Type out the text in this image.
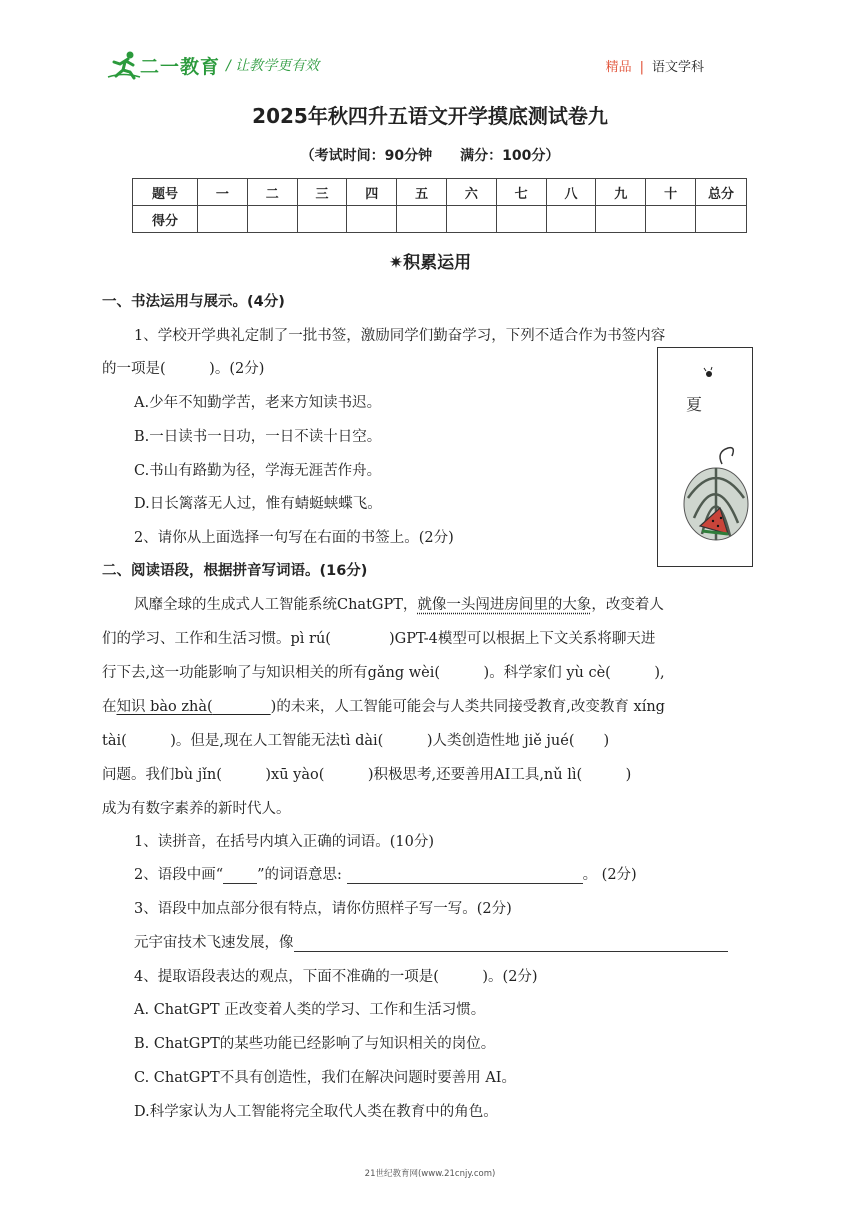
二一教育 / 让教学更有效	精品 | 语文学科
2025年秋四升五语文开学摸底测试卷九
（考试时间：90分钟　　满分：100分）
题号	一	二	三	四	五	六	七	八	九	十	总分
得分											
✷积累运用
一、书法运用与展示。(4分)
1、学校开学典礼定制了一批书签，激励同学们勤奋学习，下列不适合作为书签内容
的一项是(　　　)。(2分)
A.少年不知勤学苦，老来方知读书迟。
B.一日读书一日功，一日不读十日空。
C.书山有路勤为径，学海无涯苦作舟。
D.日长篱落无人过，惟有蜻蜓蛱蝶飞。
2、请你从上面选择一句写在右面的书签上。(2分)
夏
二、阅读语段，根据拼音写词语。(16分)
风靡全球的生成式人工智能系统ChatGPT，就像一头闯进房间里的大象，改变着人
们的学习、工作和生活习惯。pì rú(　　　　)GPT-4模型可以根据上下文关系将聊天进
行下去,这一功能影响了与知识相关的所有gǎng wèi(　　　)。科学家们 yù cè(　　　),
在知识 bào zhà(　　　　	)的未来，人工智能可能会与人类共同接受教育,改变教育 xíng
tài(　　　)。但是,现在人工智能无法tì dài(　　　)人类创造性地 jiě jué(　　)
问题。我们bù jǐn(　　　)xū yào(　　　)积极思考,还要善用AI工具,nǔ lì(　　　)
成为有数字素养的新时代人。
1、读拼音，在括号内填入正确的词语。(10分)
2、语段中画“ ”的词语意思:	。 (2分)
3、语段中加点部分很有特点，请你仿照样子写一写。(2分)
元宇宙技术飞速发展，像
4、提取语段表达的观点，下面不准确的一项是(　　　)。(2分)
A. ChatGPT 正改变着人类的学习、工作和生活习惯。
B. ChatGPT的某些功能已经影响了与知识相关的岗位。
C. ChatGPT不具有创造性，我们在解决问题时要善用 AI。
D.科学家认为人工智能将完全取代人类在教育中的角色。
21世纪教育网(www.21cnjy.com)
